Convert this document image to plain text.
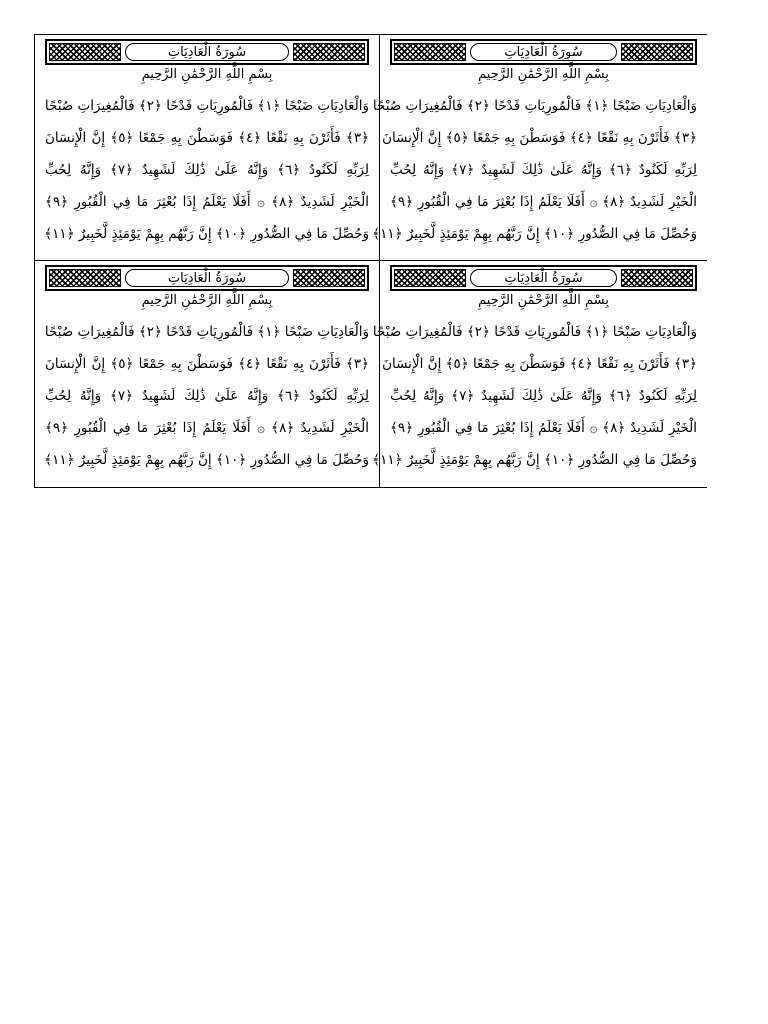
سُورَةُ الْعَادِيَاتِ
بِسْمِ اللَّهِ الرَّحْمَٰنِ الرَّحِيمِ
وَالْعَادِيَاتِ ضَبْحًا ﴿١﴾ فَالْمُورِيَاتِ قَدْحًا ﴿٢﴾ فَالْمُغِيرَاتِ صُبْحًا
﴿٣﴾ فَأَثَرْنَ بِهِ نَقْعًا ﴿٤﴾ فَوَسَطْنَ بِهِ جَمْعًا ﴿٥﴾ إِنَّ الْإِنسَانَ
لِرَبِّهِ لَكَنُودٌ ﴿٦﴾ وَإِنَّهُ عَلَىٰ ذَٰلِكَ لَشَهِيدٌ ﴿٧﴾ وَإِنَّهُ لِحُبِّ
الْخَيْرِ لَشَدِيدٌ ﴿٨﴾ ۞ أَفَلَا يَعْلَمُ إِذَا بُعْثِرَ مَا فِي الْقُبُورِ ﴿٩﴾
وَحُصِّلَ مَا فِي الصُّدُورِ ﴿١٠﴾ إِنَّ رَبَّهُم بِهِمْ يَوْمَئِذٍ لَّخَبِيرٌ ﴿١١﴾
سُورَةُ الْعَادِيَاتِ
بِسْمِ اللَّهِ الرَّحْمَٰنِ الرَّحِيمِ
وَالْعَادِيَاتِ ضَبْحًا ﴿١﴾ فَالْمُورِيَاتِ قَدْحًا ﴿٢﴾ فَالْمُغِيرَاتِ صُبْحًا
﴿٣﴾ فَأَثَرْنَ بِهِ نَقْعًا ﴿٤﴾ فَوَسَطْنَ بِهِ جَمْعًا ﴿٥﴾ إِنَّ الْإِنسَانَ
لِرَبِّهِ لَكَنُودٌ ﴿٦﴾ وَإِنَّهُ عَلَىٰ ذَٰلِكَ لَشَهِيدٌ ﴿٧﴾ وَإِنَّهُ لِحُبِّ
الْخَيْرِ لَشَدِيدٌ ﴿٨﴾ ۞ أَفَلَا يَعْلَمُ إِذَا بُعْثِرَ مَا فِي الْقُبُورِ ﴿٩﴾
وَحُصِّلَ مَا فِي الصُّدُورِ ﴿١٠﴾ إِنَّ رَبَّهُم بِهِمْ يَوْمَئِذٍ لَّخَبِيرٌ ﴿١١﴾
سُورَةُ الْعَادِيَاتِ
بِسْمِ اللَّهِ الرَّحْمَٰنِ الرَّحِيمِ
وَالْعَادِيَاتِ ضَبْحًا ﴿١﴾ فَالْمُورِيَاتِ قَدْحًا ﴿٢﴾ فَالْمُغِيرَاتِ صُبْحًا
﴿٣﴾ فَأَثَرْنَ بِهِ نَقْعًا ﴿٤﴾ فَوَسَطْنَ بِهِ جَمْعًا ﴿٥﴾ إِنَّ الْإِنسَانَ
لِرَبِّهِ لَكَنُودٌ ﴿٦﴾ وَإِنَّهُ عَلَىٰ ذَٰلِكَ لَشَهِيدٌ ﴿٧﴾ وَإِنَّهُ لِحُبِّ
الْخَيْرِ لَشَدِيدٌ ﴿٨﴾ ۞ أَفَلَا يَعْلَمُ إِذَا بُعْثِرَ مَا فِي الْقُبُورِ ﴿٩﴾
وَحُصِّلَ مَا فِي الصُّدُورِ ﴿١٠﴾ إِنَّ رَبَّهُم بِهِمْ يَوْمَئِذٍ لَّخَبِيرٌ ﴿١١﴾
سُورَةُ الْعَادِيَاتِ
بِسْمِ اللَّهِ الرَّحْمَٰنِ الرَّحِيمِ
وَالْعَادِيَاتِ ضَبْحًا ﴿١﴾ فَالْمُورِيَاتِ قَدْحًا ﴿٢﴾ فَالْمُغِيرَاتِ صُبْحًا
﴿٣﴾ فَأَثَرْنَ بِهِ نَقْعًا ﴿٤﴾ فَوَسَطْنَ بِهِ جَمْعًا ﴿٥﴾ إِنَّ الْإِنسَانَ
لِرَبِّهِ لَكَنُودٌ ﴿٦﴾ وَإِنَّهُ عَلَىٰ ذَٰلِكَ لَشَهِيدٌ ﴿٧﴾ وَإِنَّهُ لِحُبِّ
الْخَيْرِ لَشَدِيدٌ ﴿٨﴾ ۞ أَفَلَا يَعْلَمُ إِذَا بُعْثِرَ مَا فِي الْقُبُورِ ﴿٩﴾
وَحُصِّلَ مَا فِي الصُّدُورِ ﴿١٠﴾ إِنَّ رَبَّهُم بِهِمْ يَوْمَئِذٍ لَّخَبِيرٌ ﴿١١﴾
